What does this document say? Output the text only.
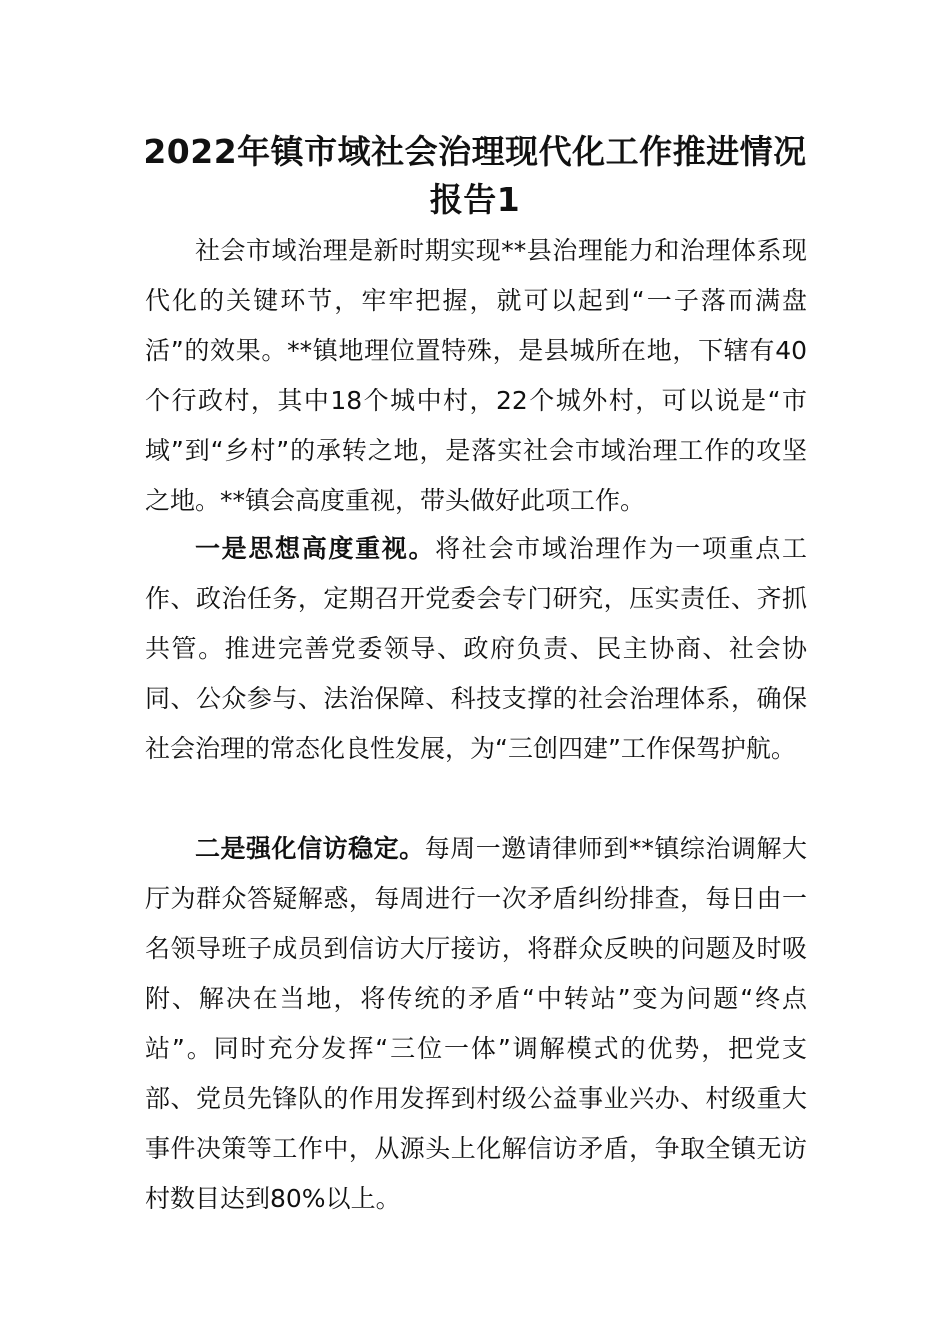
2022年镇市域社会治理现代化工作推进情况报告1

社会市域治理是新时期实现**县治理能力和治理体系现代化的关键环节，牢牢把握，就可以起到“一子落而满盘活”的效果。**镇地理位置特殊，是县城所在地，下辖有40个行政村，其中18个城中村，22个城外村，可以说是“市域”到“乡村”的承转之地，是落实社会市域治理工作的攻坚之地。**镇会高度重视，带头做好此项工作。

一是思想高度重视。将社会市域治理作为一项重点工作、政治任务，定期召开党委会专门研究，压实责任、齐抓共管。推进完善党委领导、政府负责、民主协商、社会协同、公众参与、法治保障、科技支撑的社会治理体系，确保社会治理的常态化良性发展，为“三创四建”工作保驾护航。

二是强化信访稳定。每周一邀请律师到**镇综治调解大厅为群众答疑解惑，每周进行一次矛盾纠纷排查，每日由一名领导班子成员到信访大厅接访，将群众反映的问题及时吸附、解决在当地，将传统的矛盾“中转站”变为问题“终点站”。同时充分发挥“三位一体”调解模式的优势，把党支部、党员先锋队的作用发挥到村级公益事业兴办、村级重大事件决策等工作中，从源头上化解信访矛盾，争取全镇无访村数目达到80%以上。
